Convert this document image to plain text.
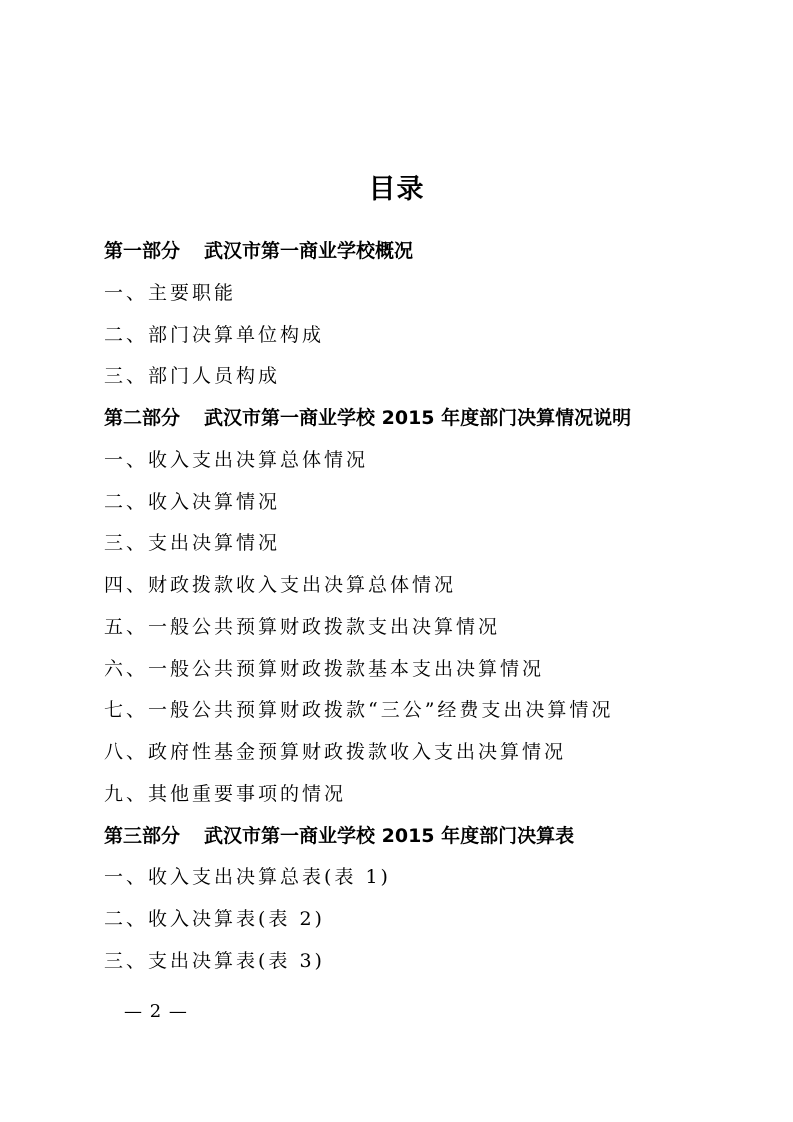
目录
第一部分 武汉市第一商业学校概况
一、主要职能
二、部门决算单位构成
三、部门人员构成
第二部分 武汉市第一商业学校 2015 年度部门决算情况说明
一、收入支出决算总体情况
二、收入决算情况
三、支出决算情况
四、财政拨款收入支出决算总体情况
五、一般公共预算财政拨款支出决算情况
六、一般公共预算财政拨款基本支出决算情况
七、一般公共预算财政拨款“三公”经费支出决算情况
八、政府性基金预算财政拨款收入支出决算情况
九、其他重要事项的情况
第三部分 武汉市第一商业学校 2015 年度部门决算表
一、收入支出决算总表(表 1)
二、收入决算表(表 2)
三、支出决算表(表 3)
— 2 —
